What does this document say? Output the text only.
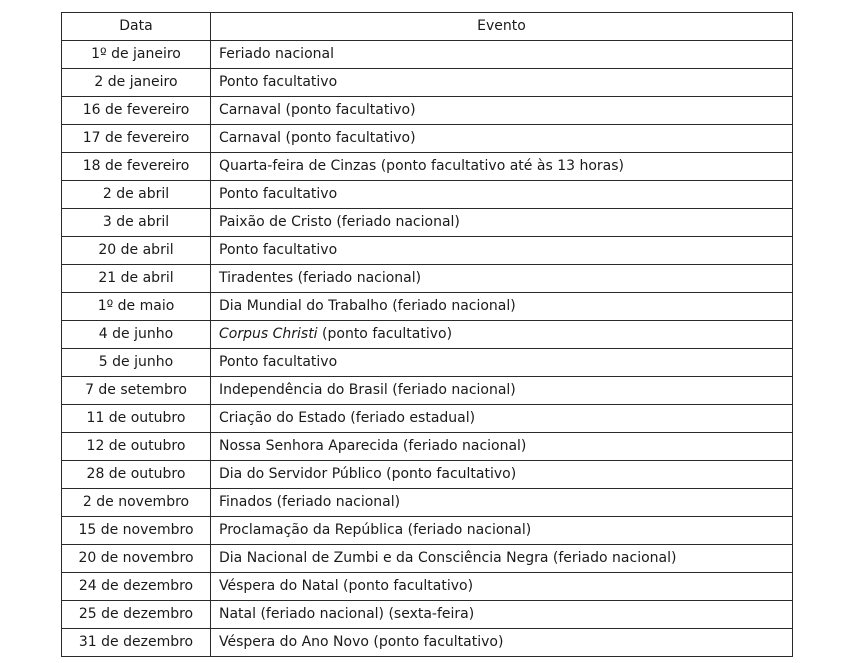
Data	Evento
1º de janeiro	Feriado nacional
2 de janeiro	Ponto facultativo
16 de fevereiro	Carnaval (ponto facultativo)
17 de fevereiro	Carnaval (ponto facultativo)
18 de fevereiro	Quarta-feira de Cinzas (ponto facultativo até às 13 horas)
2 de abril	Ponto facultativo
3 de abril	Paixão de Cristo (feriado nacional)
20 de abril	Ponto facultativo
21 de abril	Tiradentes (feriado nacional)
1º de maio	Dia Mundial do Trabalho (feriado nacional)
4 de junho	Corpus Christi (ponto facultativo)
5 de junho	Ponto facultativo
7 de setembro	Independência do Brasil (feriado nacional)
11 de outubro	Criação do Estado (feriado estadual)
12 de outubro	Nossa Senhora Aparecida (feriado nacional)
28 de outubro	Dia do Servidor Público (ponto facultativo)
2 de novembro	Finados (feriado nacional)
15 de novembro	Proclamação da República (feriado nacional)
20 de novembro	Dia Nacional de Zumbi e da Consciência Negra (feriado nacional)
24 de dezembro	Véspera do Natal (ponto facultativo)
25 de dezembro	Natal (feriado nacional) (sexta-feira)
31 de dezembro	Véspera do Ano Novo (ponto facultativo)
